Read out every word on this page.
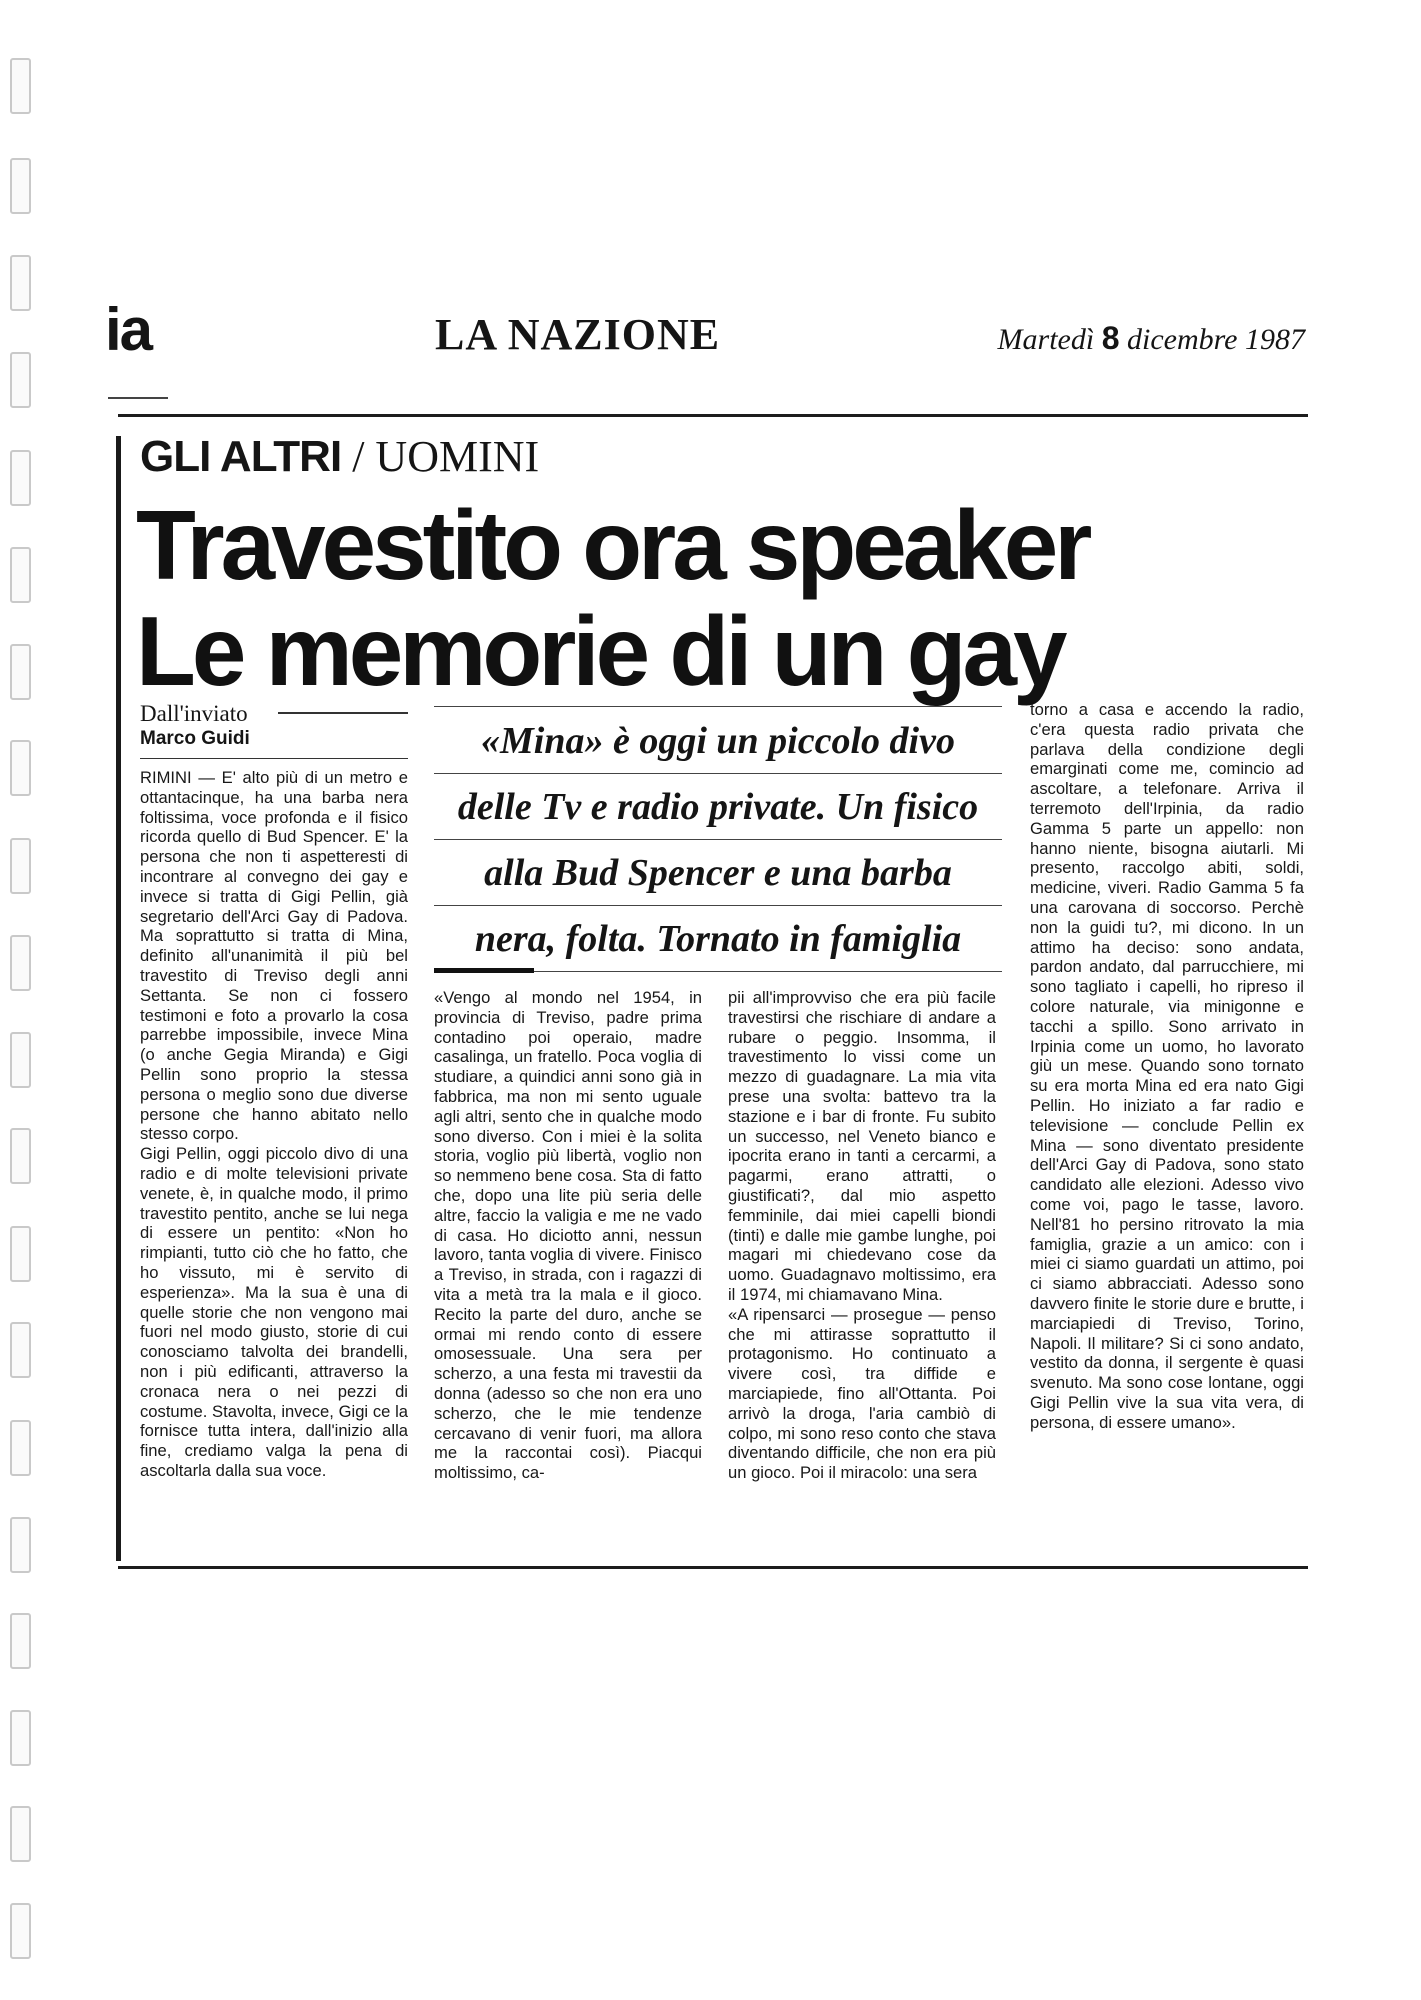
ia	LA NAZIONE	Martedì 8 dicembre 1987
GLI ALTRI / UOMINI
Travestito ora speaker
Le memorie di un gay
Dall'inviato
Marco Guidi	«Mina» è oggi un piccolo divo
delle Tv e radio private. Un fisico
alla Bud Spencer e una barba
nera, folta. Tornato in famiglia

RIMINI — E' alto più di un metro e ottantacinque, ha una barba nera foltissima, voce profonda e il fisico ricorda quello di Bud Spencer. E' la persona che non ti aspetteresti di incontrare al convegno dei gay e invece si tratta di Gigi Pellin, già segretario dell'Arci Gay di Padova. Ma soprattutto si tratta di Mina, definito all'unanimità il più bel travestito di Treviso degli anni Settanta. Se non ci fossero testimoni e foto a provarlo la cosa parrebbe impossibile, invece Mina (o anche Gegia Miranda) e Gigi Pellin sono proprio la stessa persona o meglio sono due diverse persone che hanno abitato nello stesso corpo.

Gigi Pellin, oggi piccolo divo di una radio e di molte televisioni private venete, è, in qualche modo, il primo travestito pentito, anche se lui nega di essere un pentito: «Non ho rimpianti, tutto ciò che ho fatto, che ho vissuto, mi è servito di esperienza». Ma la sua è una di quelle storie che non vengono mai fuori nel modo giusto, storie di cui conosciamo talvolta dei brandelli, non i più edificanti, attraverso la cronaca nera o nei pezzi di costume. Stavolta, invece, Gigi ce la fornisce tutta intera, dall'inizio alla fine, crediamo valga la pena di ascoltarla dalla sua voce.

«Vengo al mondo nel 1954, in provincia di Treviso, padre prima contadino poi operaio, madre casalinga, un fratello. Poca voglia di studiare, a quindici anni sono già in fabbrica, ma non mi sento uguale agli altri, sento che in qualche modo sono diverso. Con i miei è la solita storia, voglio più libertà, voglio non so nemmeno bene cosa. Sta di fatto che, dopo una lite più seria delle altre, faccio la valigia e me ne vado di casa. Ho diciotto anni, nessun lavoro, tanta voglia di vivere. Finisco a Treviso, in strada, con i ragazzi di vita a metà tra la mala e il gioco. Recito la parte del duro, anche se ormai mi rendo conto di essere omosessuale. Una sera per scherzo, a una festa mi travestii da donna (adesso so che non era uno scherzo, che le mie tendenze cercavano di venir fuori, ma allora me la raccontai così). Piacqui moltissimo, ca-

pii all'improvviso che era più facile travestirsi che rischiare di andare a rubare o peggio. Insomma, il travestimento lo vissi come un mezzo di guadagnare. La mia vita prese una svolta: battevo tra la stazione e i bar di fronte. Fu subito un successo, nel Veneto bianco e ipocrita erano in tanti a cercarmi, a pagarmi, erano attratti, o giustificati?, dal mio aspetto femminile, dai miei capelli biondi (tinti) e dalle mie gambe lunghe, poi magari mi chiedevano cose da uomo. Guadagnavo moltissimo, era il 1974, mi chiamavano Mina.

«A ripensarci — prosegue — penso che mi attirasse soprattutto il protagonismo. Ho continuato a vivere così, tra diffide e marciapiede, fino all'Ottanta. Poi arrivò la droga, l'aria cambiò di colpo, mi sono reso conto che stava diventando difficile, che non era più un gioco. Poi il miracolo: una sera

torno a casa e accendo la radio, c'era questa radio privata che parlava della condizione degli emarginati come me, comincio ad ascoltare, a telefonare. Arriva il terremoto dell'Irpinia, da radio Gamma 5 parte un appello: non hanno niente, bisogna aiutarli. Mi presento, raccolgo abiti, soldi, medicine, viveri. Radio Gamma 5 fa una carovana di soccorso. Perchè non la guidi tu?, mi dicono. In un attimo ha deciso: sono andata, pardon andato, dal parrucchiere, mi sono tagliato i capelli, ho ripreso il colore naturale, via minigonne e tacchi a spillo. Sono arrivato in Irpinia come un uomo, ho lavorato giù un mese. Quando sono tornato su era morta Mina ed era nato Gigi Pellin. Ho iniziato a far radio e televisione — conclude Pellin ex Mina — sono diventato presidente dell'Arci Gay di Padova, sono stato candidato alle elezioni. Adesso vivo come voi, pago le tasse, lavoro. Nell'81 ho persino ritrovato la mia famiglia, grazie a un amico: con i miei ci siamo guardati un attimo, poi ci siamo abbracciati. Adesso sono davvero finite le storie dure e brutte, i marciapiedi di Treviso, Torino, Napoli. Il militare? Si ci sono andato, vestito da donna, il sergente è quasi svenuto. Ma sono cose lontane, oggi Gigi Pellin vive la sua vita vera, di persona, di essere umano».
